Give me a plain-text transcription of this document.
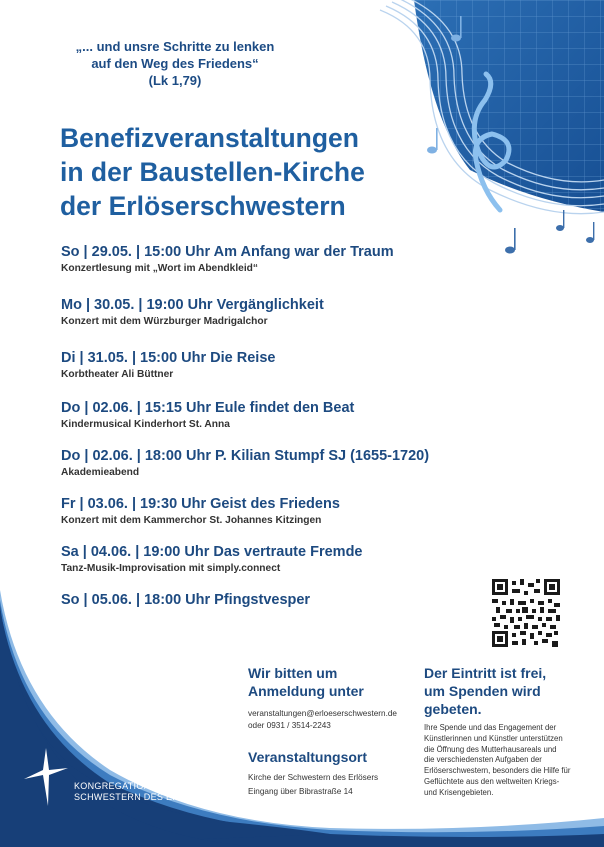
„... und unsre Schritte zu lenken
auf den Weg des Friedens“
(Lk 1,79)
Benefizveranstaltungen
in der Baustellen-Kirche
der Erlöserschwestern
So | 29.05. | 15:00 Uhr Am Anfang war der Traum
Konzertlesung mit „Wort im Abendkleid“
Mo | 30.05. | 19:00 Uhr Vergänglichkeit
Konzert mit dem Würzburger Madrigalchor
Di | 31.05. | 15:00 Uhr Die Reise
Korbtheater Ali Büttner
Do | 02.06. | 15:15 Uhr Eule findet den Beat
Kindermusical Kinderhort St. Anna
Do | 02.06. | 18:00 Uhr P. Kilian Stumpf SJ (1655-1720)
Akademieabend
Fr | 03.06. | 19:30 Uhr Geist des Friedens
Konzert mit dem Kammerchor St. Johannes Kitzingen
Sa | 04.06. | 19:00 Uhr Das vertraute Fremde
Tanz-Musik-Improvisation mit simply.connect
So | 05.06. | 18:00 Uhr Pfingstvesper
KONGREGATION
SCHWESTERN DES ERLÖSERS
Wir bitten um
Anmeldung unter
veranstaltungen@erloeserschwestern.de
oder 0931 / 3514-2243
Veranstaltungsort
Kirche der Schwestern des Erlösers
Eingang über Bibrastraße 14
Der Eintritt ist frei,
um Spenden wird
gebeten.
Ihre Spende und das Engagement der
Künstlerinnen und Künstler unterstützen
die Öffnung des Mutterhausareals und
die verschiedensten Aufgaben der
Erlöserschwestern, besonders die Hilfe für
Geflüchtete aus den weltweiten Kriegs-
und Krisengebieten.
